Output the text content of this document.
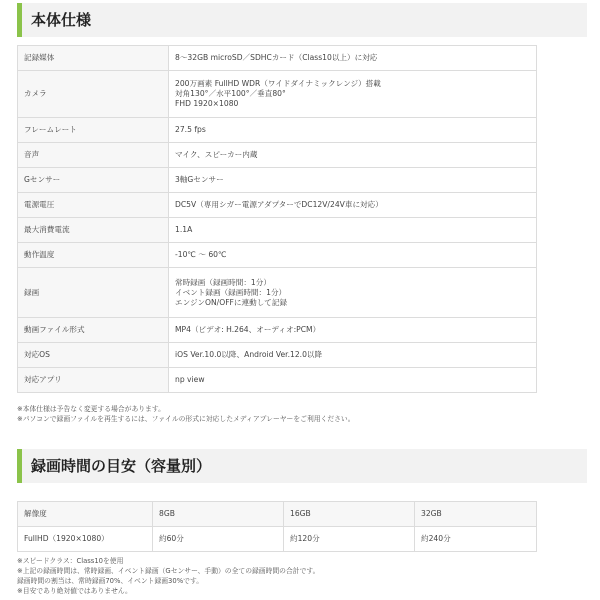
本体仕様
記録媒体	8～32GB microSD／SDHCカード（Class10以上）に対応

カメラ	200万画素 FullHD WDR（ワイドダイナミックレンジ）搭載
対角130°／水平100°／垂直80°
FHD 1920×1080

フレームレート	27.5 fps

音声	マイク、スピーカー内蔵

Gセンサー	3軸Gセンサー

電源電圧	DC5V（専用シガー電源アダプターでDC12V/24V車に対応）

最大消費電流	1.1A

動作温度	-10℃ ～ 60℃

録画	常時録画（録画時間：1分）
イベント録画（録画時間：1分）
エンジンON/OFFに連動して記録

動画ファイル形式	MP4（ビデオ: H.264、オーディオ:PCM）

対応OS	iOS Ver.10.0以降、Android Ver.12.0以降

対応アプリ	np view
※本体仕様は予告なく変更する場合があります。
※パソコンで録画ファイルを再生するには、ファイルの形式に対応したメディアプレーヤーをご利用ください。
録画時間の目安（容量別）
解像度	8GB	16GB	32GB
FullHD（1920×1080）	約60分	約120分	約240分
※スピードクラス：Class10を使用
※上記の録画時間は、常時録画、イベント録画（Gセンサー、手動）の全ての録画時間の合計です。
録画時間の割当は、常時録画70%、イベント録画30%です。
※目安であり絶対値ではありません。
